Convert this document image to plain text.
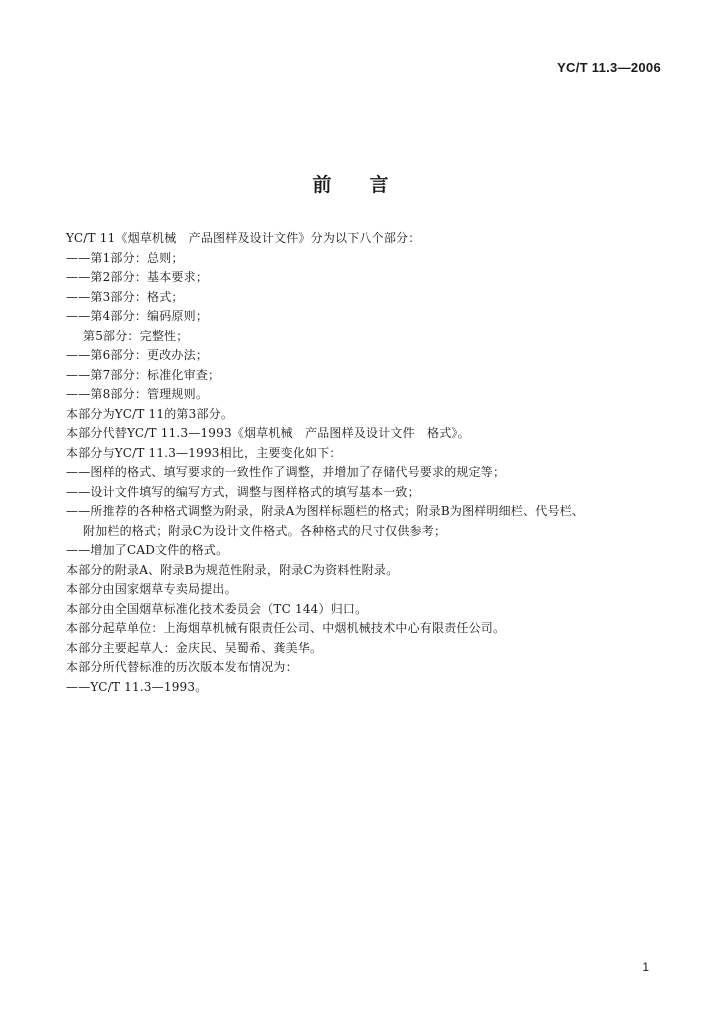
YC/T 11.3—2006
前言
YC/T 11《烟草机械　产品图样及设计文件》分为以下八个部分：
——第1部分：总则；
——第2部分：基本要求；
——第3部分：格式；
——第4部分：编码原则；
第5部分：完整性；
——第6部分：更改办法；
——第7部分：标准化审查；
——第8部分：管理规则。
本部分为YC/T 11的第3部分。
本部分代替YC/T 11.3—1993《烟草机械　产品图样及设计文件　格式》。
本部分与YC/T 11.3—1993相比，主要变化如下：
——图样的格式、填写要求的一致性作了调整，并增加了存储代号要求的规定等；
——设计文件填写的编写方式，调整与图样格式的填写基本一致；
——所推荐的各种格式调整为附录，附录A为图样标题栏的格式；附录B为图样明细栏、代号栏、
附加栏的格式；附录C为设计文件格式。各种格式的尺寸仅供参考；
——增加了CAD文件的格式。
本部分的附录A、附录B为规范性附录，附录C为资料性附录。
本部分由国家烟草专卖局提出。
本部分由全国烟草标准化技术委员会（TC 144）归口。
本部分起草单位：上海烟草机械有限责任公司、中烟机械技术中心有限责任公司。
本部分主要起草人：金庆民、吴蜀希、龚美华。
本部分所代替标准的历次版本发布情况为：
——YC/T 11.3—1993。
1
